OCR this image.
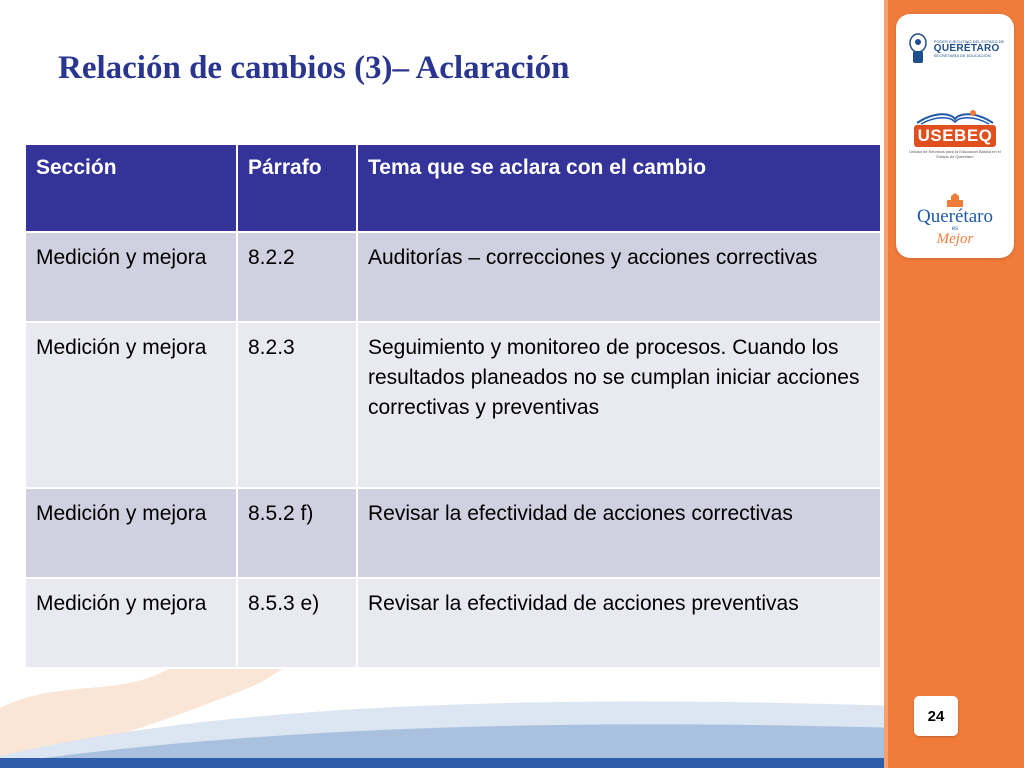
Relación de cambios (3)– Aclaración
Sección	Párrafo	Tema que se aclara con el cambio
Medición y mejora	8.2.2	Auditorías – correcciones y acciones correctivas
Medición y mejora	8.2.3	Seguimiento y monitoreo de procesos. Cuando los resultados planeados no se cumplan iniciar acciones correctivas y preventivas
Medición y mejora	8.5.2 f)	Revisar la efectividad de acciones correctivas
Medición y mejora	8.5.3 e)	Revisar la efectividad de acciones preventivas
PODER EJECUTIVO DEL ESTADO DE
QUERÉTARO
SECRETARÍA DE EDUCACIÓN
USEBEQ
Unidad de Servicios para la Educación Básica en el Estado de Querétaro
Querétaro
es
Mejor
24
